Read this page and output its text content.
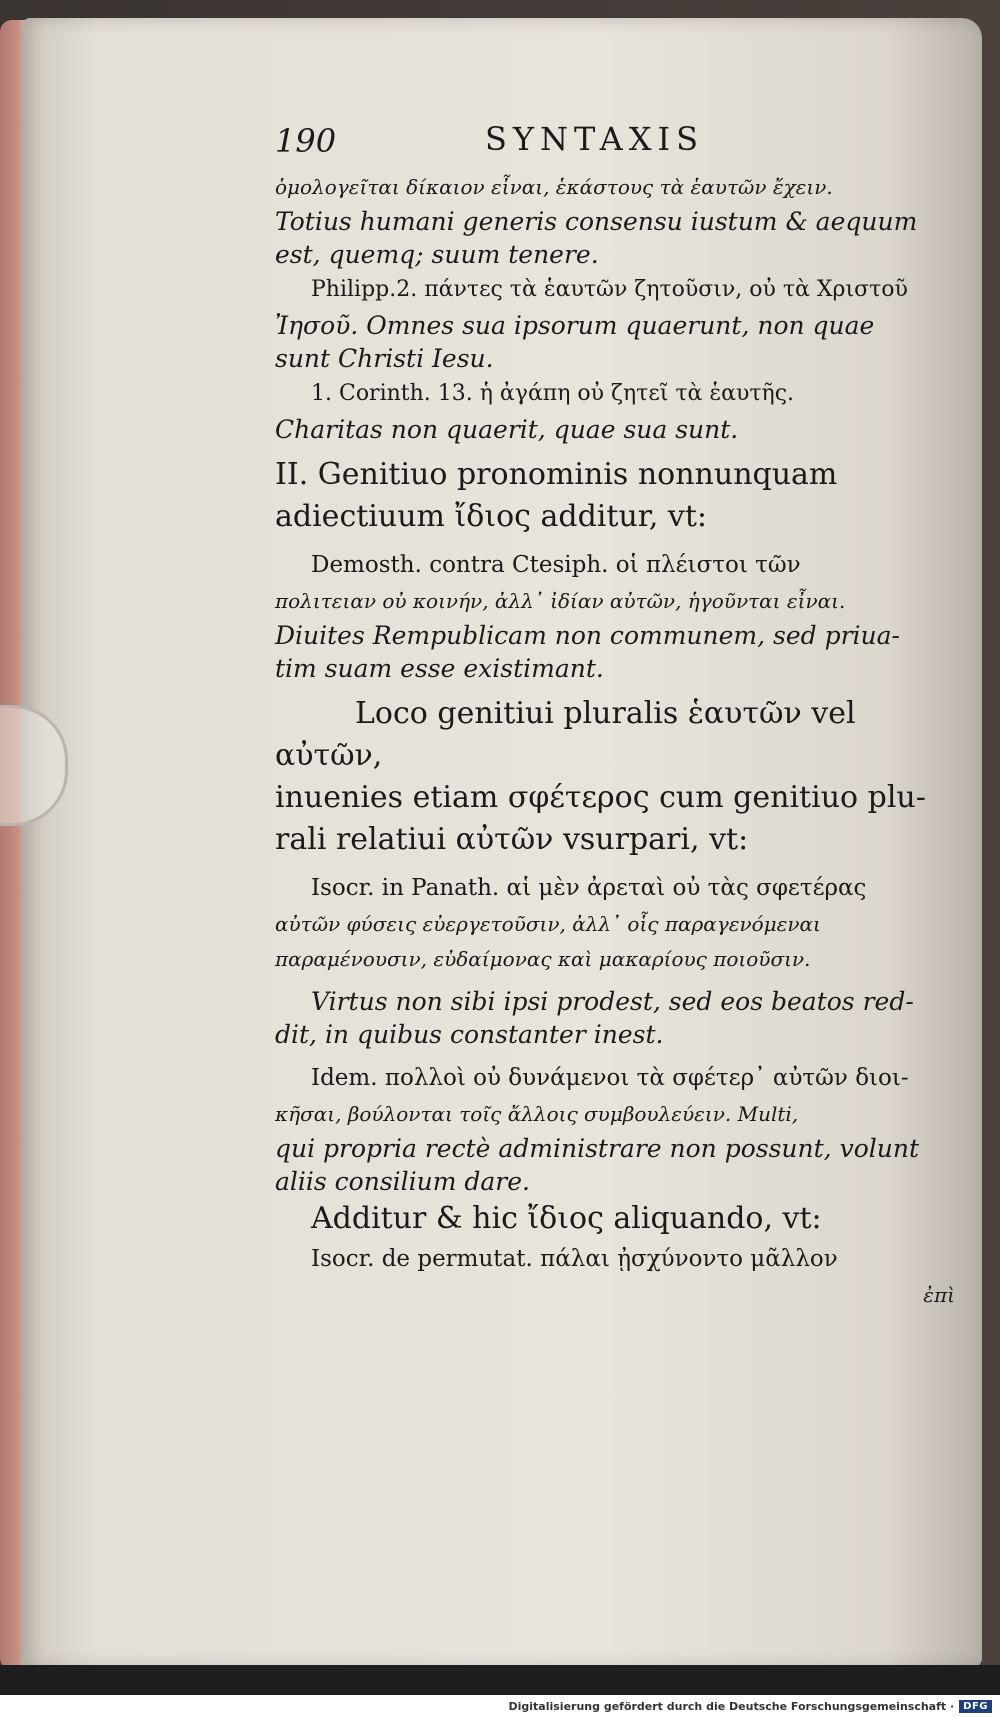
190	SYNTAXIS

ὁμολογεῖται δίκαιον εἶναι, ἑκάστους τὰ ἑαυτῶν ἔχειν.

Totius humani generis consensu iustum & aequum

est, quemq; suum tenere.

Philipp.2. πάντες τὰ ἑαυτῶν ζητοῦσιν, οὐ τὰ Χριστοῦ

Ἰησοῦ. Omnes sua ipsorum quaerunt, non quae

sunt Christi Iesu.

1. Corinth. 13. ἡ ἀγάπη οὐ ζητεῖ τὰ ἑαυτῆς.

Charitas non quaerit, quae sua sunt.

II. Genitiuo pronominis nonnunquam

adiectiuum ἴδιος additur, vt:

Demosth. contra Ctesiph. οἱ πλέιστοι τῶν

πολιτειαν οὐ κοινήν, ἀλλ᾽ ἰδίαν αὐτῶν, ἡγοῦνται εἶναι.

Diuites Rempublicam non communem, sed priua-

tim suam esse existimant.

Loco genitiui pluralis ἑαυτῶν vel αὐτῶν,

inuenies etiam σφέτερος cum genitiuo plu-

rali relatiui αὐτῶν vsurpari, vt:

Isocr. in Panath. αἱ μὲν ἀρεταὶ οὐ τὰς σφετέρας

αὐτῶν φύσεις εὐεργετοῦσιν, ἀλλ᾽ οἷς παραγενόμεναι

παραμένουσιν, εὐδαίμονας καὶ μακαρίους ποιοῦσιν.

Virtus non sibi ipsi prodest, sed eos beatos red-

dit, in quibus constanter inest.

Idem. πολλοὶ οὐ δυνάμενοι τὰ σφέτερ᾽ αὐτῶν διοι-

κῆσαι, βούλονται τοῖς ἄλλοις συμβουλεύειν. Multi,

qui propria rectè administrare non possunt, volunt

aliis consilium dare.

Additur & hic ἴδιος aliquando, vt:

Isocr. de permutat. πάλαι ᾐσχύνοντο μᾶλλον

ἐπὶ

Digitalisierung gefördert durch die Deutsche Forschungsgemeinschaft · DFG
